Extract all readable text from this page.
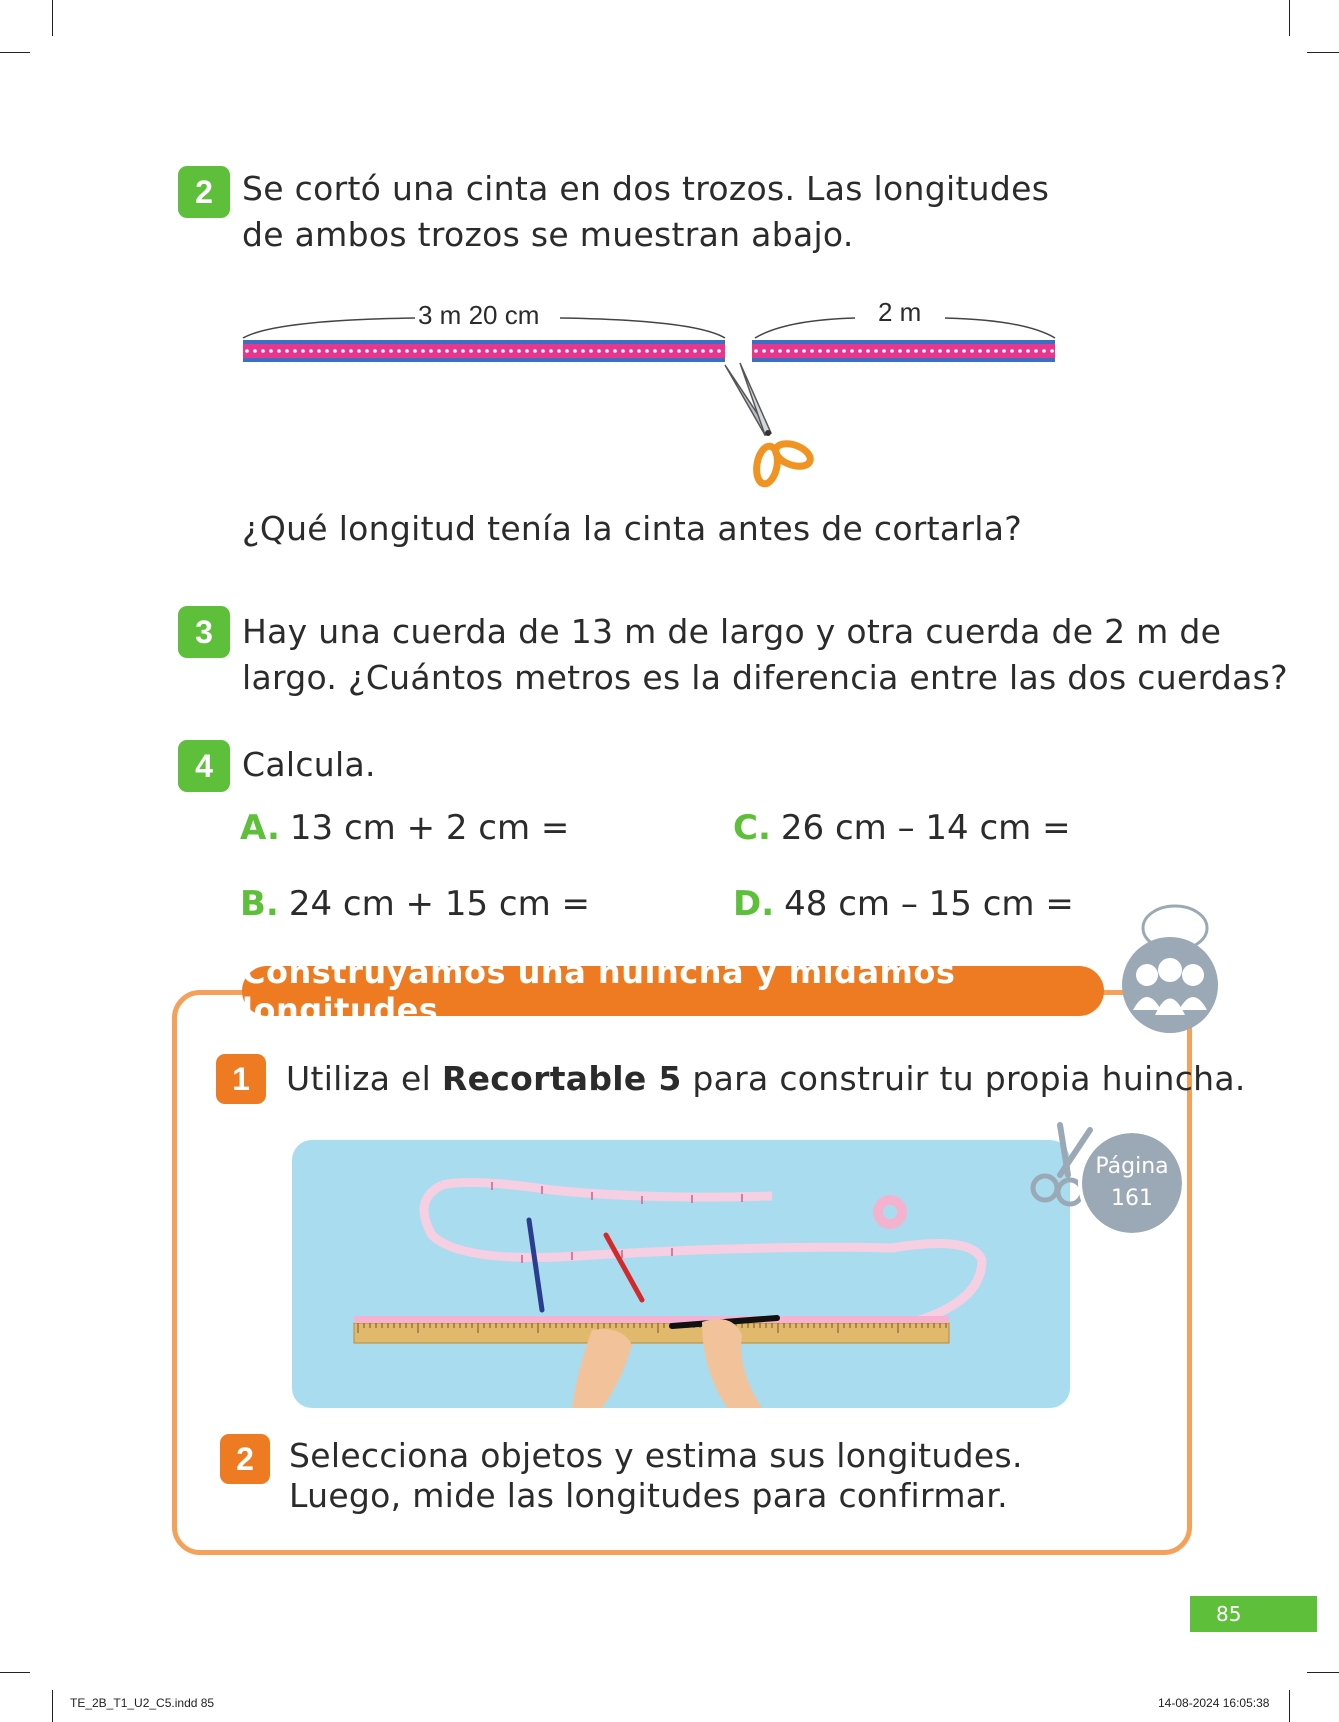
2 Se cortó una cinta en dos trozos. Las longitudes
de ambos trozos se muestran abajo.
3 m 20 cm	2 m
¿Qué longitud tenía la cinta antes de cortarla?
3 Hay una cuerda de 13 m de largo y otra cuerda de 2 m de
largo. ¿Cuántos metros es la diferencia entre las dos cuerdas?
4 Calcula.
A. 13 cm + 2 cm =
B. 24 cm + 15 cm =
C. 26 cm – 14 cm =
D. 48 cm – 15 cm =
Construyamos una huincha y midamos longitudes
1	Utiliza el Recortable 5 para construir tu propia huincha.
Página
161
2	Selecciona objetos y estima sus longitudes.
Luego, mide las longitudes para confirmar.
85
TE_2B_T1_U2_C5.indd 85	14-08-2024 16:05:38
